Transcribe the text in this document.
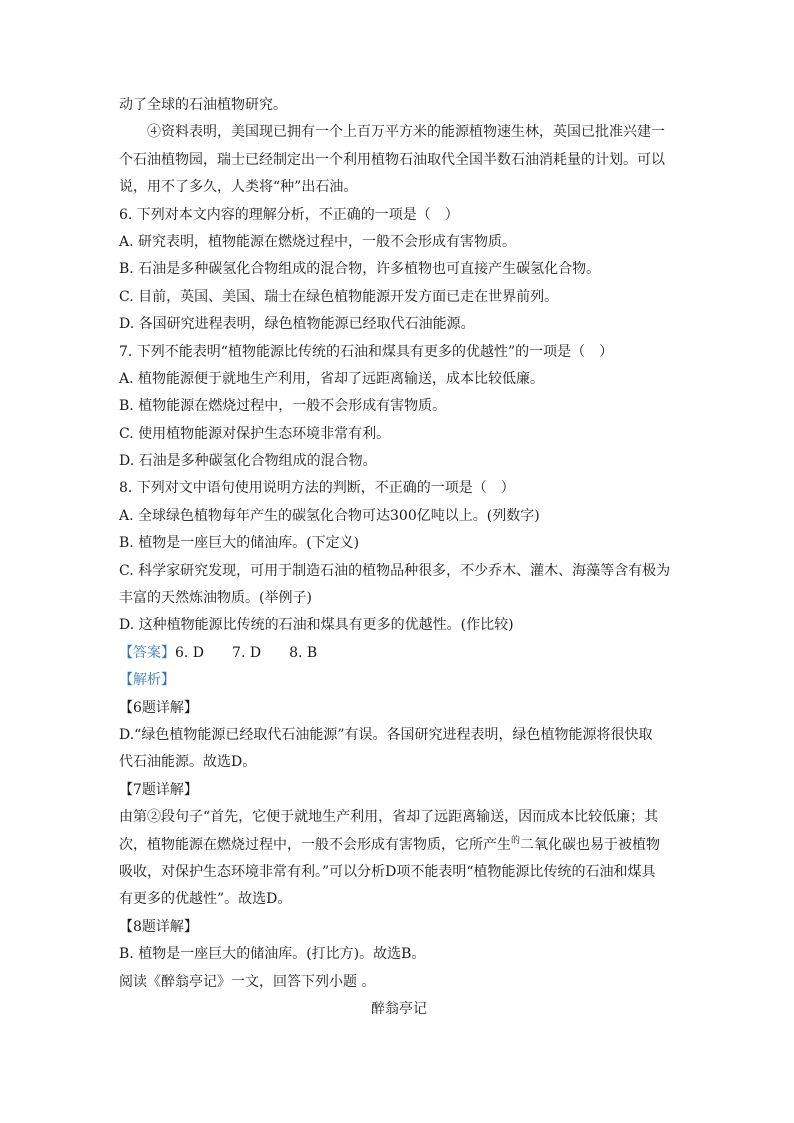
动了全球的石油植物研究。
④资料表明，美国现已拥有一个上百万平方米的能源植物速生林，英国已批准兴建一
个石油植物园，瑞士已经制定出一个利用植物石油取代全国半数石油消耗量的计划。可以
说，用不了多久，人类将“种”出石油。
6. 下列对本文内容的理解分析，不正确的一项是（　）
A. 研究表明，植物能源在燃烧过程中，一般不会形成有害物质。
B. 石油是多种碳氢化合物组成的混合物，许多植物也可直接产生碳氢化合物。
C. 目前，英国、美国、瑞士在绿色植物能源开发方面已走在世界前列。
D. 各国研究进程表明，绿色植物能源已经取代石油能源。
7. 下列不能表明“植物能源比传统的石油和煤具有更多的优越性”的一项是（　）
A. 植物能源便于就地生产利用，省却了远距离输送，成本比较低廉。
B. 植物能源在燃烧过程中，一般不会形成有害物质。
C. 使用植物能源对保护生态环境非常有利。
D. 石油是多种碳氢化合物组成的混合物。
8. 下列对文中语句使用说明方法的判断，不正确的一项是（　）
A. 全球绿色植物每年产生的碳氢化合物可达300亿吨以上。(列数字)
B. 植物是一座巨大的储油库。(下定义)
C. 科学家研究发现，可用于制造石油的植物品种很多，不少乔木、灌木、海藻等含有极为
丰富的天然炼油物质。(举例子)
D. 这种植物能源比传统的石油和煤具有更多的优越性。(作比较)
【答案】6. D　　7. D　　8. B
【解析】
【6题详解】
D.“绿色植物能源已经取代石油能源”有误。各国研究进程表明，绿色植物能源将很快取
代石油能源。故选D。
【7题详解】
由第②段句子“首先，它便于就地生产利用，省却了远距离输送，因而成本比较低廉；其
次，植物能源在燃烧过程中，一般不会形成有害物质，它所产生$^的$二氧化碳也易于被植物
吸收，对保护生态环境非常有利。”可以分析D项不能表明“植物能源比传统的石油和煤具
有更多的优越性”。故选D。
【8题详解】
B. 植物是一座巨大的储油库。(打比方)。故选B。
阅读《醉翁亭记》一文，回答下列小题 。
醉翁亭记
